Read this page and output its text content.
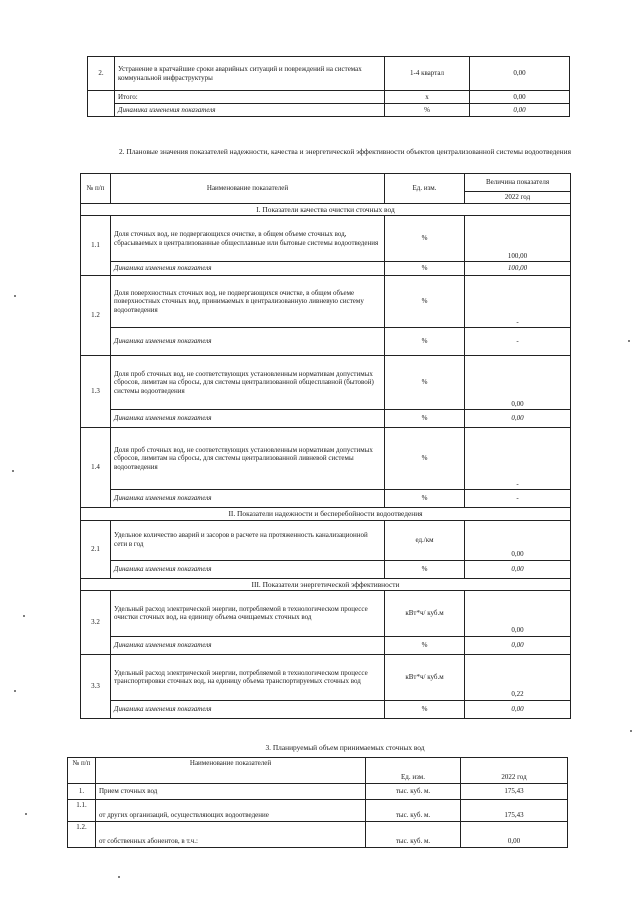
2.	Устранение в кратчайшие сроки аварийных ситуаций и повреждений на системах коммунальной инфраструктуры	1-4 квартал	0,00
	Итого:	х	0,00
	Динамика изменения показателя	%	0,00
2. Плановые значения показателей надежности, качества и энергетической эффективности объектов централизованной системы водоотведения
№ п/п	Наименование показателей	Ед. изм.	Величина показателя
			2022 год
I. Показатели качества очистки сточных вод			
1.1	Доля сточных вод, не подвергающихся очистке, в общем объеме сточных вод, сбрасываемых в централизованные общесплавные или бытовые системы водоотведения	%	100,00
	Динамика изменения показателя	%	100,00
1.2	Доля поверхностных сточных вод, не подвергающихся очистке, в общем объеме поверхностных сточных вод, принимаемых в централизованную ливневую систему водоотведения	%	-
	Динамика изменения показателя	%	-
1.3	Доля проб сточных вод, не соответствующих установленным нормативам допустимых сбросов, лимитам на сбросы, для системы централизованной общесплавной (бытовой) системы водоотведения	%	0,00
	Динамика изменения показателя	%	0,00
1.4	Доля проб сточных вод, не соответствующих установленным нормативам допустимых сбросов, лимитам на сбросы, для системы централизованной ливневой системы водоотведения	%	-
	Динамика изменения показателя	%	-
II. Показатели надежности и бесперебойности водоотведения			
2.1	Удельное количество аварий и засоров в расчете на протяженность канализационной сети в год	ед./км	0,00
	Динамика изменения показателя	%	0,00
III. Показатели энергетической эффективности			
3.2	Удельный расход электрической энергии, потребляемой в технологическом процессе очистки сточных вод, на единицу объема очищаемых сточных вод	кВт*ч/ куб.м	0,00
	Динамика изменения показателя	%	0,00
3.3	Удельный расход электрической энергии, потребляемой в технологическом процессе транспортировки сточных вод, на единицу объема транспортируемых сточных вод	кВт*ч/ куб.м	0,22
	Динамика изменения показателя	%	0,00
3. Планируемый объем принимаемых сточных вод
№ п/п	Наименование показателей	Ед. изм.	2022 год
1.	Прием сточных вод	тыс. куб. м.	175,43
1.1.	от других организаций, осуществляющих водоотведение	тыс. куб. м.	175,43
1.2.	от собственных абонентов, в т.ч.:	тыс. куб. м.	0,00
